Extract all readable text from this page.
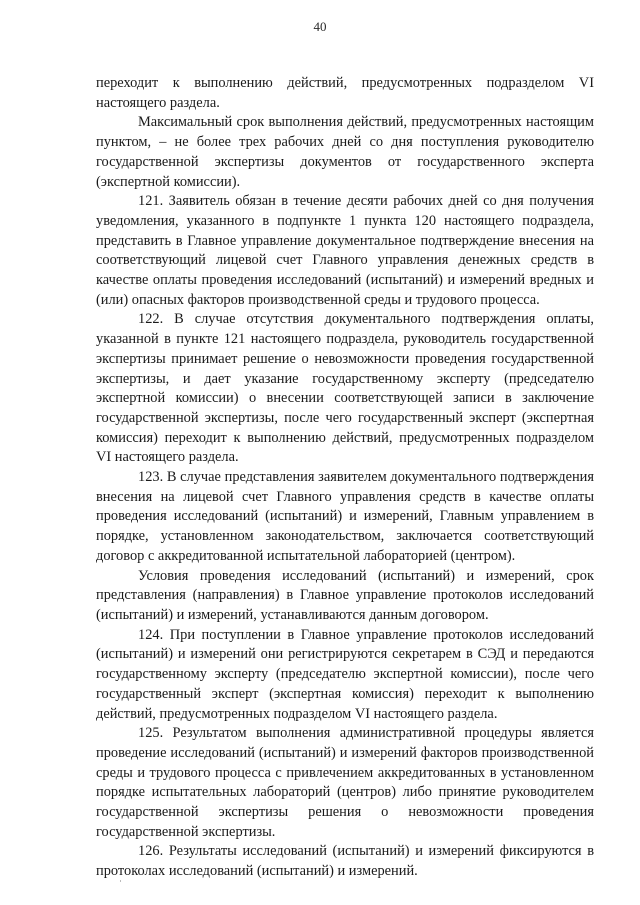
40

переходит к выполнению действий, предусмотренных подразделом VI настоящего раздела.

Максимальный срок выполнения действий, предусмотренных настоящим пунктом, – не более трех рабочих дней со дня поступления руководителю государственной экспертизы документов от государственного эксперта (экспертной комиссии).

121. Заявитель обязан в течение десяти рабочих дней со дня получения уведомления, указанного в подпункте 1 пункта 120 настоящего подраздела, представить в Главное управление документальное подтверждение внесения на соответствующий лицевой счет Главного управления денежных средств в качестве оплаты проведения исследований (испытаний) и измерений вредных и (или) опасных факторов производственной среды и трудового процесса.

122. В случае отсутствия документального подтверждения оплаты, указанной в пункте 121 настоящего подраздела, руководитель государственной экспертизы принимает решение о невозможности проведения государственной экспертизы, и дает указание государственному эксперту (председателю экспертной комиссии) о внесении соответствующей записи в заключение государственной экспертизы, после чего государственный эксперт (экспертная комиссия) переходит к выполнению действий, предусмотренных подразделом VI настоящего раздела.

123. В случае представления заявителем документального подтверждения внесения на лицевой счет Главного управления средств в качестве оплаты проведения исследований (испытаний) и измерений, Главным управлением в порядке, установленном законодательством, заключается соответствующий договор с аккредитованной испытательной лабораторией (центром).

Условия проведения исследований (испытаний) и измерений, срок представления (направления) в Главное управление протоколов исследований (испытаний) и измерений, устанавливаются данным договором.

124. При поступлении в Главное управление протоколов исследований (испытаний) и измерений они регистрируются секретарем в СЭД и передаются государственному эксперту (председателю экспертной комиссии), после чего государственный эксперт (экспертная комиссия) переходит к выполнению действий, предусмотренных подразделом VI настоящего раздела.

125. Результатом выполнения административной процедуры является проведение исследований (испытаний) и измерений факторов производственной среды и трудового процесса с привлечением аккредитованных в установленном порядке испытательных лабораторий (центров) либо принятие руководителем государственной экспертизы решения о невозможности проведения государственной экспертизы.

126. Результаты исследований (испытаний) и измерений фиксируются в протоколах исследований (испытаний) и измерений.
